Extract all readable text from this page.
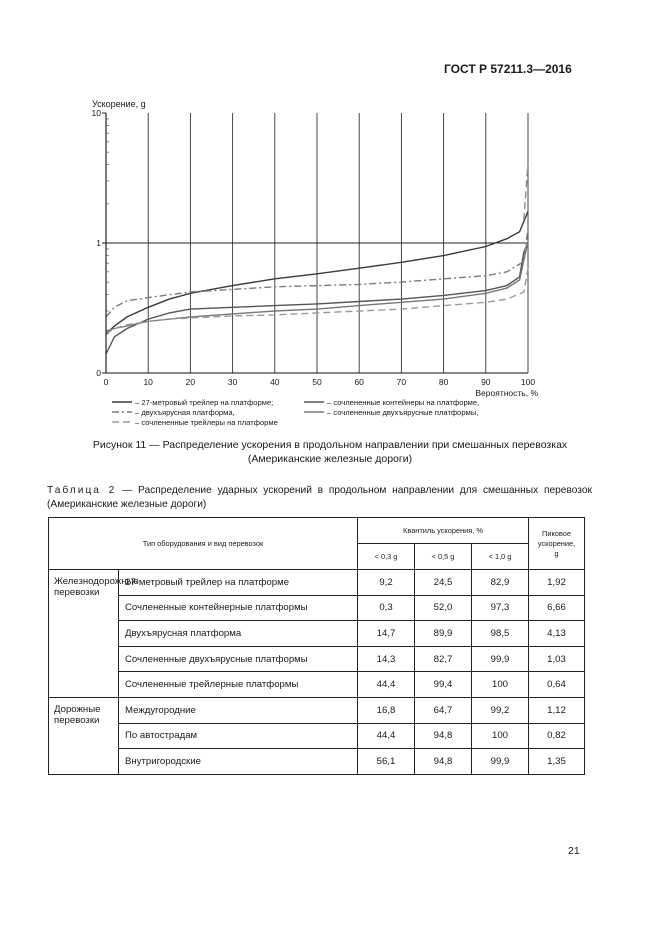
ГОСТ Р 57211.3—2016
0	10	20	30	40	50	60	70	80	90	100
0
1
10
Ускорение, g
Вероятность, %
– 27-метровый трейлер на платформе;	– сочлененные контейнеры на платформе,
– двухъярусная платформа,	– сочлененные двухъярусные платформы,
– сочлененные трейлеры на платформе
Рисунок 11 — Распределение ускорения в продольном направлении при смешанных перевозках
(Американские железные дороги)
Таблица 2 — Распределение ударных ускорений в продольном направлении для смешанных перевозок (Американские железные дороги)
Тип оборудования и вид перевозок		Квантиль ускорения, %			Пиковое ускорение, g
		< 0,3 g	< 0,5 g	< 1,0 g	
Железнодорожные перевозки	27-метровый трейлер на платформе	9,2	24,5	82,9	1,92
	Сочлененные контейнерные платформы	0,3	52,0	97,3	6,66
	Двухъярусная платформа	14,7	89,9	98,5	4,13
	Сочлененные двухъярусные платформы	14,3	82,7	99,9	1,03
	Сочлененные трейлерные платформы	44,4	99,4	100	0,64
Дорожные перевозки	Междугородние	16,8	64,7	99,2	1,12
	По автострадам	44,4	94,8	100	0,82
	Внутригородские	56,1	94,8	99,9	1,35
21
